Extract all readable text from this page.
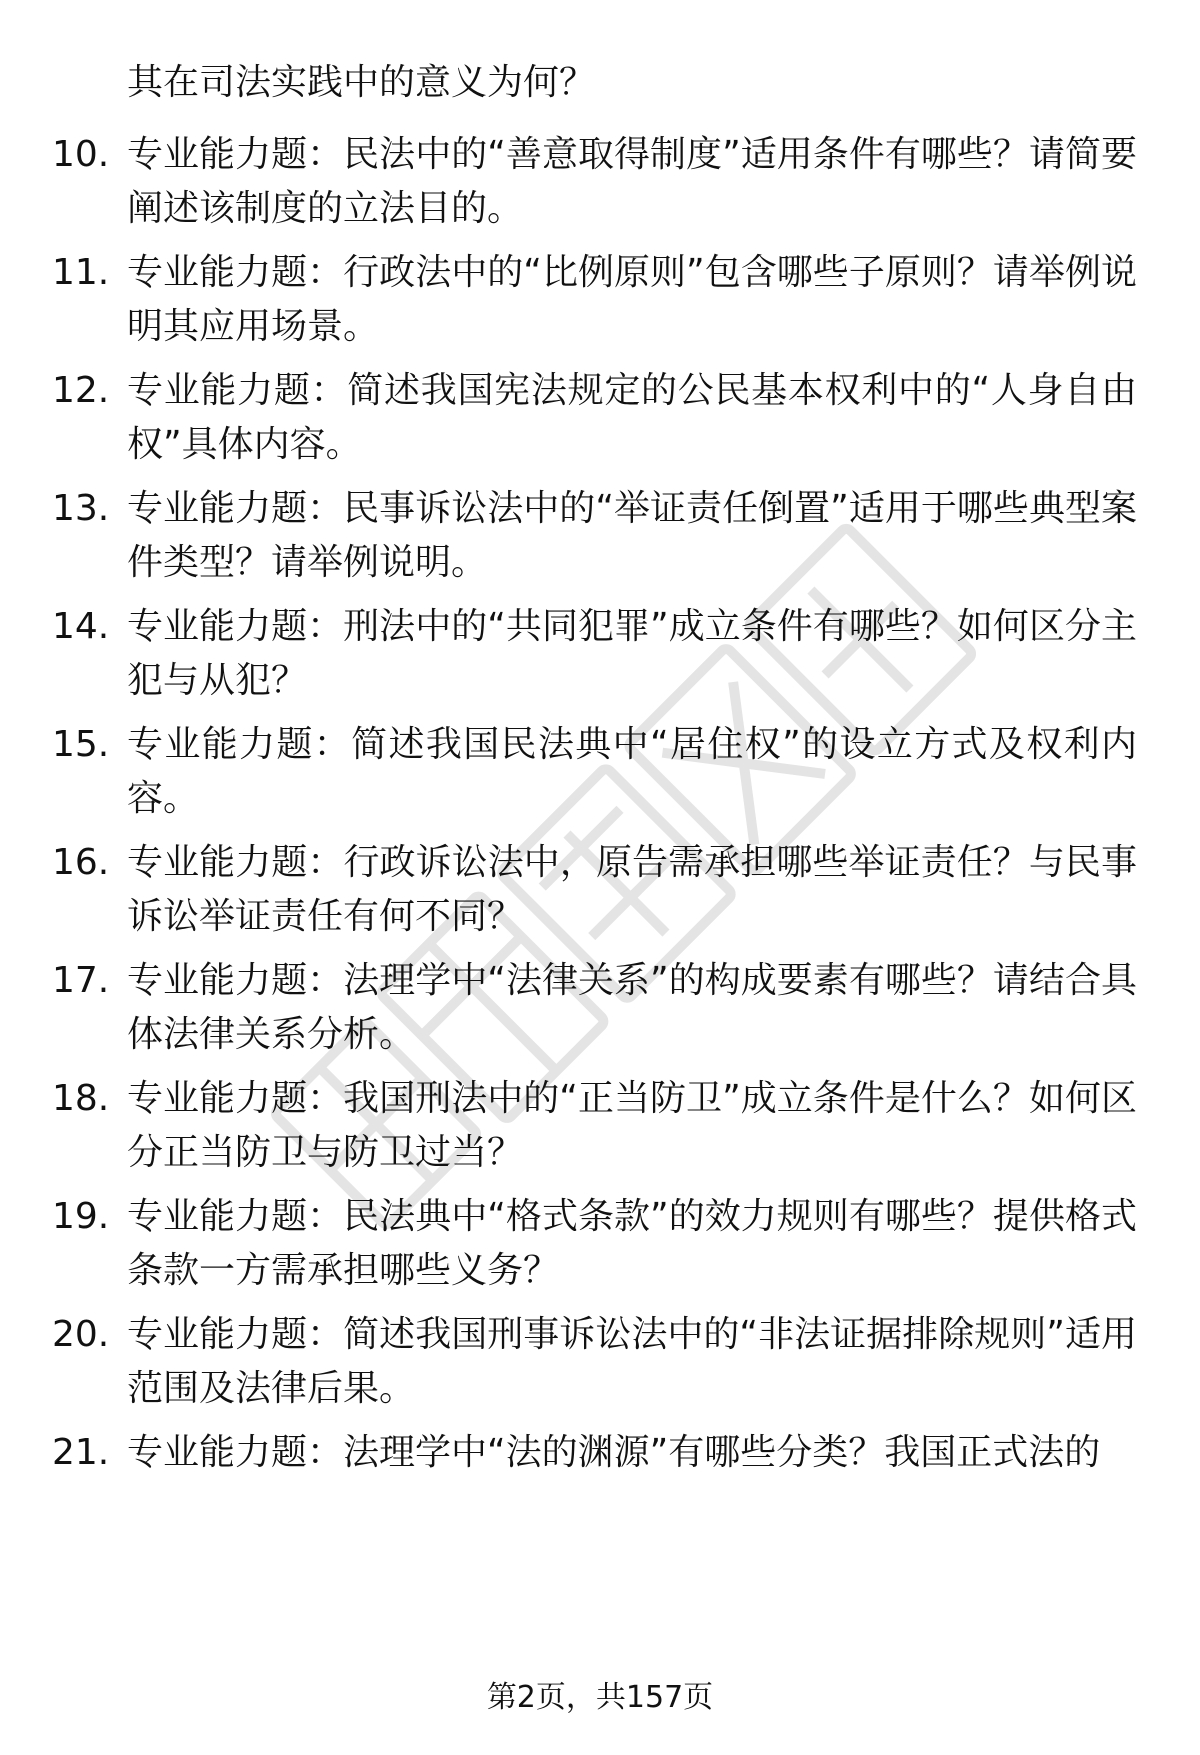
其在司法实践中的意义为何？
10. 专业能力题：民法中的“善意取得制度”适用条件有哪些？请简要阐述该制度的立法目的。
11. 专业能力题：行政法中的“比例原则”包含哪些子原则？请举例说明其应用场景。
12. 专业能力题：简述我国宪法规定的公民基本权利中的“人身自由权”具体内容。
13. 专业能力题：民事诉讼法中的“举证责任倒置”适用于哪些典型案件类型？请举例说明。
14. 专业能力题：刑法中的“共同犯罪”成立条件有哪些？如何区分主犯与从犯？
15. 专业能力题：简述我国民法典中“居住权”的设立方式及权利内容。
16. 专业能力题：行政诉讼法中，原告需承担哪些举证责任？与民事诉讼举证责任有何不同？
17. 专业能力题：法理学中“法律关系”的构成要素有哪些？请结合具体法律关系分析。
18. 专业能力题：我国刑法中的“正当防卫”成立条件是什么？如何区分正当防卫与防卫过当？
19. 专业能力题：民法典中“格式条款”的效力规则有哪些？提供格式条款一方需承担哪些义务？
20. 专业能力题：简述我国刑事诉讼法中的“非法证据排除规则”适用范围及法律后果。
21. 专业能力题：法理学中“法的渊源”有哪些分类？我国正式法的
第2页，共157页
